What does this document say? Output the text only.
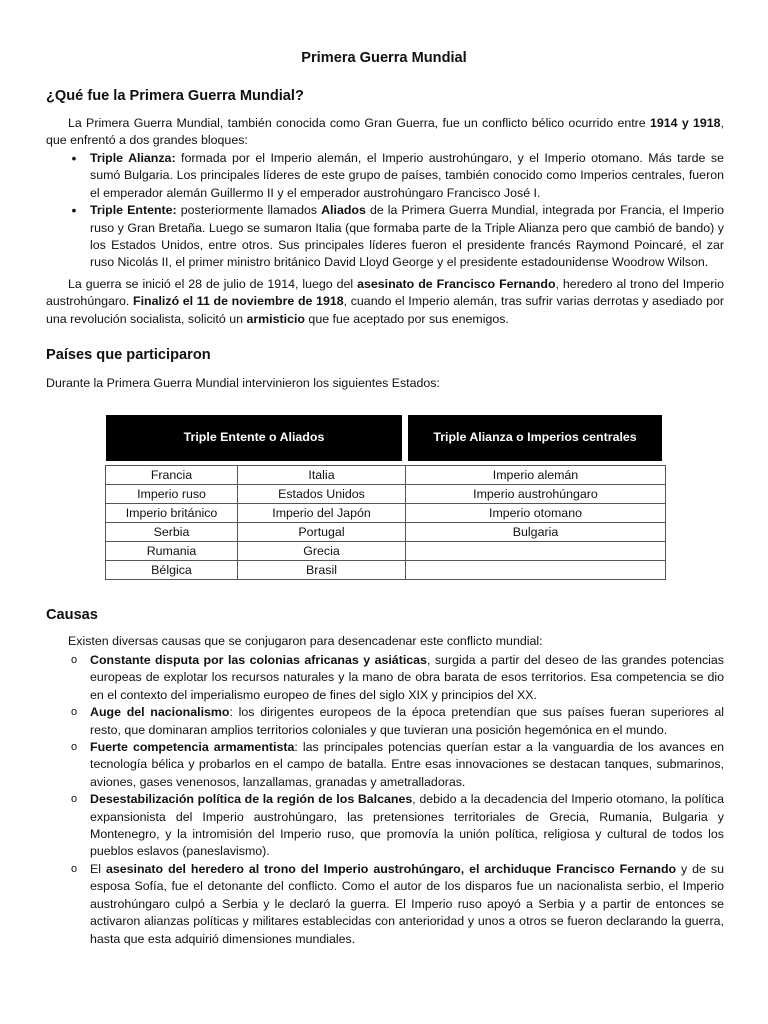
Primera Guerra Mundial
¿Qué fue la Primera Guerra Mundial?

La Primera Guerra Mundial, también conocida como Gran Guerra, fue un conflicto bélico ocurrido entre 1914 y 1918, que enfrentó a dos grandes bloques:

• Triple Alianza: formada por el Imperio alemán, el Imperio austrohúngaro, y el Imperio otomano. Más tarde se sumó Bulgaria. Los principales líderes de este grupo de países, también conocido como Imperios centrales, fueron el emperador alemán Guillermo II y el emperador austrohúngaro Francisco José I.
• Triple Entente: posteriormente llamados Aliados de la Primera Guerra Mundial, integrada por Francia, el Imperio ruso y Gran Bretaña. Luego se sumaron Italia (que formaba parte de la Triple Alianza pero que cambió de bando) y los Estados Unidos, entre otros. Sus principales líderes fueron el presidente francés Raymond Poincaré, el zar ruso Nicolás II, el primer ministro británico David Lloyd George y el presidente estadounidense Woodrow Wilson.

La guerra se inició el 28 de julio de 1914, luego del asesinato de Francisco Fernando, heredero al trono del Imperio austrohúngaro. Finalizó el 11 de noviembre de 1918, cuando el Imperio alemán, tras sufrir varias derrotas y asediado por una revolución socialista, solicitó un armisticio que fue aceptado por sus enemigos.

Países que participaron

Durante la Primera Guerra Mundial intervinieron los siguientes Estados:

Triple Entente o Aliados	Triple Alianza o Imperios centrales
Francia	Italia	Imperio alemán
Imperio ruso	Estados Unidos	Imperio austrohúngaro
Imperio británico	Imperio del Japón	Imperio otomano
Serbia	Portugal	Bulgaria
Rumania	Grecia	
Bélgica	Brasil	
Causas

Existen diversas causas que se conjugaron para desencadenar este conflicto mundial:

o Constante disputa por las colonias africanas y asiáticas, surgida a partir del deseo de las grandes potencias europeas de explotar los recursos naturales y la mano de obra barata de esos territorios. Esa competencia se dio en el contexto del imperialismo europeo de fines del siglo XIX y principios del XX.
o Auge del nacionalismo: los dirigentes europeos de la época pretendían que sus países fueran superiores al resto, que dominaran amplios territorios coloniales y que tuvieran una posición hegemónica en el mundo.
o Fuerte competencia armamentista: las principales potencias querían estar a la vanguardia de los avances en tecnología bélica y probarlos en el campo de batalla. Entre esas innovaciones se destacan tanques, submarinos, aviones, gases venenosos, lanzallamas, granadas y ametralladoras.
o Desestabilización política de la región de los Balcanes, debido a la decadencia del Imperio otomano, la política expansionista del Imperio austrohúngaro, las pretensiones territoriales de Grecia, Rumania, Bulgaria y Montenegro, y la intromisión del Imperio ruso, que promovía la unión política, religiosa y cultural de todos los pueblos eslavos (paneslavismo).
o El asesinato del heredero al trono del Imperio austrohúngaro, el archiduque Francisco Fernando y de su esposa Sofía, fue el detonante del conflicto. Como el autor de los disparos fue un nacionalista serbio, el Imperio austrohúngaro culpó a Serbia y le declaró la guerra. El Imperio ruso apoyó a Serbia y a partir de entonces se activaron alianzas políticas y militares establecidas con anterioridad y unos a otros se fueron declarando la guerra, hasta que esta adquirió dimensiones mundiales.
